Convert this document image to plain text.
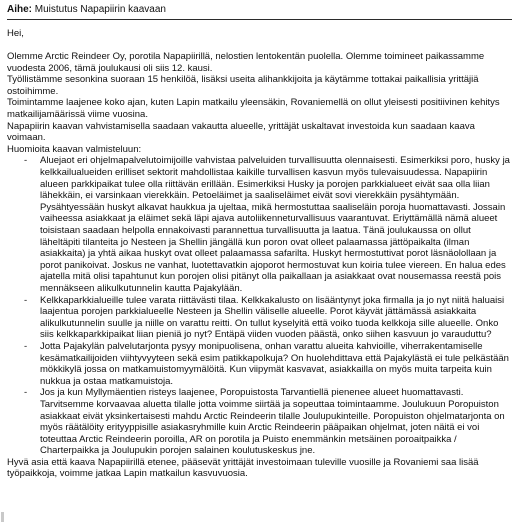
Aihe: Muistutus Napapiirin kaavaan

Hei,

Olemme Arctic Reindeer Oy, porotila Napapiirillä, nelostien lentokentän puolella. Olemme toimineet paikassamme vuodesta 2006, tämä joulukausi oli siis 12. kausi.

Työllistämme sesonkina suoraan 15 henkilöä, lisäksi useita alihankkijoita ja käytämme tottakai paikallisia yrittäjiä ostoihimme.

Toimintamme laajenee koko ajan, kuten Lapin matkailu yleensäkin, Rovaniemellä on ollut yleisesti positiivinen kehitys matkailijamäärissä viime vuosina.

Napapiirin kaavan vahvistamisella saadaan vakautta alueelle, yrittäjät uskaltavat investoida kun saadaan kaava voimaan.

Huomioita kaavan valmisteluun:

-	Aluejaot eri ohjelmapalvelutoimijoille vahvistaa palveluiden turvallisuutta olennaisesti. Esimerkiksi poro, husky ja kelkkailualueiden erilliset sektorit mahdollistaa kaikille turvallisen kasvun myös tulevaisuudessa. Napapiirin alueen parkkipaikat tulee olla riittävän erillään. Esimerkiksi Husky ja porojen parkkialueet eivät saa olla liian lähekkäin, ei varsinkaan vierekkäin. Petoeläimet ja saaliseläimet eivät sovi vierekkäin pysähtymään. Pysähtyessään huskyt alkavat haukkua ja ujeltaa, mikä hermostuttaa saaliseläin poroja huomattavasti. Jossain vaiheessa asiakkaat ja eläimet sekä läpi ajava autoliikenneturvallisuus vaarantuvat. Eriyttämällä nämä alueet toisistaan saadaan helpolla ennakoivasti parannettua turvallisuutta ja laatua. Tänä joulukaussa on ollut läheltäpiti tilanteita jo Nesteen ja Shellin jängällä kun poron ovat olleet palaamassa jättöpaikalta (ilman asiakkaita) ja yhtä aikaa huskyt ovat olleet palaamassa safarilta. Huskyt hermostuttivat porot läsnäolollaan ja porot panikoivat. Joskus ne vanhat, luotettavatkin ajoporot hermostuvat kun koiria tulee viereen. En halua edes ajatella mitä olisi tapahtunut kun porojen olisi pitänyt olla paikallaan ja asiakkaat ovat nousemassa reestä pois mennäkseen alikulkutunnelin kautta Pajakylään.
-	Kelkkaparkkialueille tulee varata riittävästi tilaa. Kelkkakalusto on lisääntynyt joka firmalla ja jo nyt niitä haluaisi laajentua porojen parkkialueelle Nesteen ja Shellin väliselle alueelle. Porot käyvät jättämässä asiakkaita alikulkutunnelin suulle ja niille on varattu reitti. On tullut kyselyitä että voiko tuoda kelkkoja sille alueelle. Onko siis kelkkaparkkipaikat liian pieniä jo nyt? Entäpä viiden vuoden päästä, onko siihen kasvuun jo varauduttu?
-	Jotta Pajakylän palvelutarjonta pysyy monipuolisena, onhan varattu alueita kahvioille, viherrakentamiselle kesämatkailijoiden viihtyvyyteen sekä esim patikkapolkuja? On huolehdittava että Pajakylästä ei tule pelkästään mökkikylä jossa on matkamuistomyymälöitä. Kun viipymät kasvavat, asiakkailla on myös muita tarpeita kuin nukkua ja ostaa matkamuistoja.
-	Jos ja kun Myllymäentien risteys laajenee, Poropuistosta Tarvantiellä pienenee alueet huomattavasti. Tarvitsemme korvaavaa aluetta tilalle jotta voimme siirtää ja sopeuttaa toimintaamme. Joulukuun Poropuiston asiakkaat eivät yksinkertaisesti mahdu Arctic Reindeerin tilalle Joulupukinteille. Poropuiston ohjelmatarjonta on myös räätälöity erityyppisille asiakasryhmille kuin Arctic Reindeerin pääpaikan ohjelmat, joten näitä ei voi toteuttaa Arctic Reindeerin poroilla, AR on porotila ja Puisto enemmänkin metsäinen poroaitpaikka / Charterpaikka ja Joulupukin porojen salainen koulutuskeskus jne.

Hyvä asia että kaava Napapiirillä etenee, pääsevät yrittäjät investoimaan tuleville vuosille ja Rovaniemi saa lisää työpaikkoja, voimme jatkaa Lapin matkailun kasvuvuosia.
